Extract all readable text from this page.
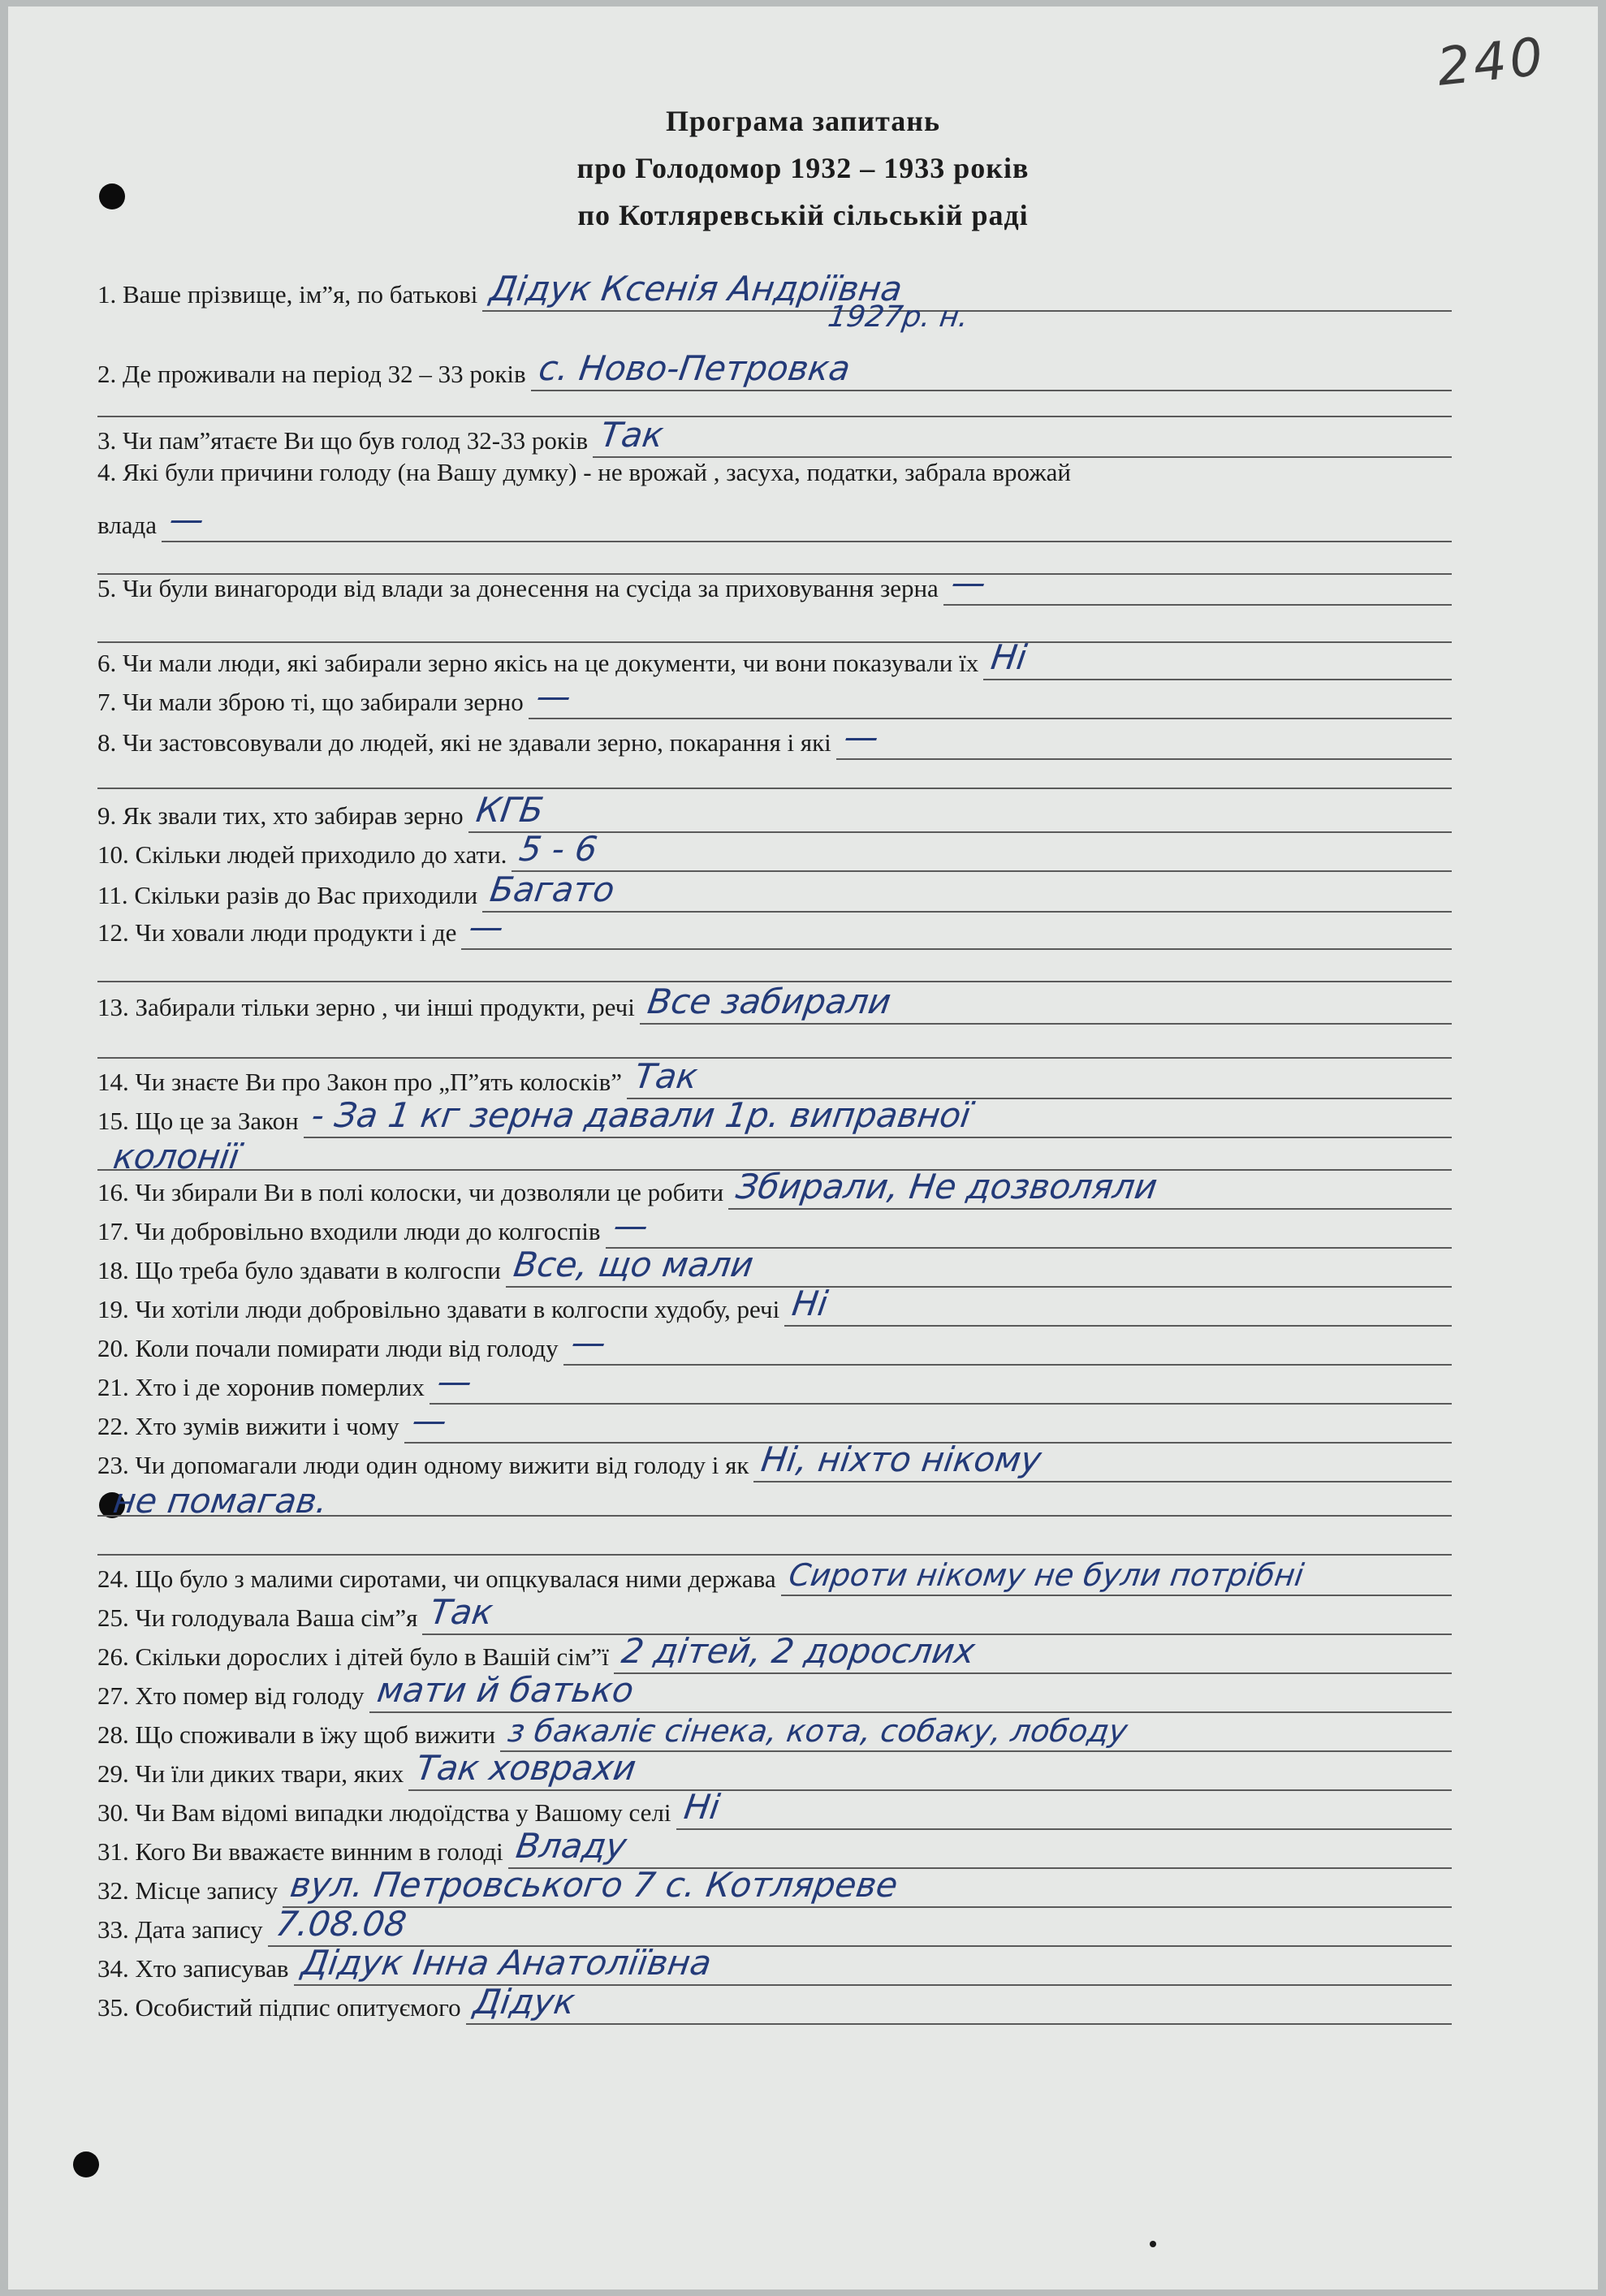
240
Програма запитань
про Голодомор 1932 – 1933 років
по Котляревській сільській раді
1. Ваше прізвище, ім”я, по батькові Дідук Ксенія Андріївна
1927р. н.
2. Де проживали на період 32 – 33 років с. Ново-Петровка
3. Чи пам”ятаєте Ви що був голод 32-33 років Так
4. Які були причини голоду (на Вашу думку) - не врожай , засуха, податки, забрала врожай
влада —
5. Чи були винагороди від влади за донесення на сусіда за приховування зерна —
6. Чи мали люди, які забирали зерно якісь на це документи, чи вони показували їх Ні
7. Чи мали зброю ті, що забирали зерно —
8. Чи застовсовували до людей, які не здавали зерно, покарання і які —
9. Як звали тих, хто забирав зерно КГБ
10. Скільки людей приходило до хати. 5 - 6
11. Скільки разів до Вас приходили Багато
12. Чи ховали люди продукти і де —
13. Забирали тільки зерно , чи інші продукти, речі Все забирали
14. Чи знаєте Ви про Закон про „П”ять колосків” Так
15. Що це за Закон - За 1 кг зерна давали 1р. виправної
колонії
16. Чи збирали Ви в полі колоски, чи дозволяли це робити Збирали, Не дозволяли
17. Чи добровільно входили люди до колгоспів —
18. Що треба було здавати в колгоспи Все, що мали
19. Чи хотіли люди добровільно здавати в колгоспи худобу, речі Ні
20. Коли почали помирати люди від голоду —
21. Хто і де хоронив померлих —
22. Хто зумів вижити і чому —
23. Чи допомагали люди один одному вижити від голоду і як Ні, ніхто нікому
не помагав.
24. Що було з малими сиротами, чи опцкувалася ними держава Сироти нікому не були потрібні
25. Чи голодувала Ваша сім”я Так
26. Скільки дорослих і дітей було в Вашій сім”ї 2 дітей, 2 дорослих
27. Хто помер від голоду мати й батько
28. Що споживали в їжу щоб вижити з бакаліє сінека, кота, собаку, лободу
29. Чи їли диких твари, яких Так ховрахи
30. Чи Вам відомі випадки людоїдства у Вашому селі Ні
31. Кого Ви вважаєте винним в голоді Владу
32. Місце запису вул. Петровського 7 с. Котляреве
33. Дата запису 7.08.08
34. Хто записував Дідук Інна Анатоліївна
35. Особистий підпис опитуємого Дідук
